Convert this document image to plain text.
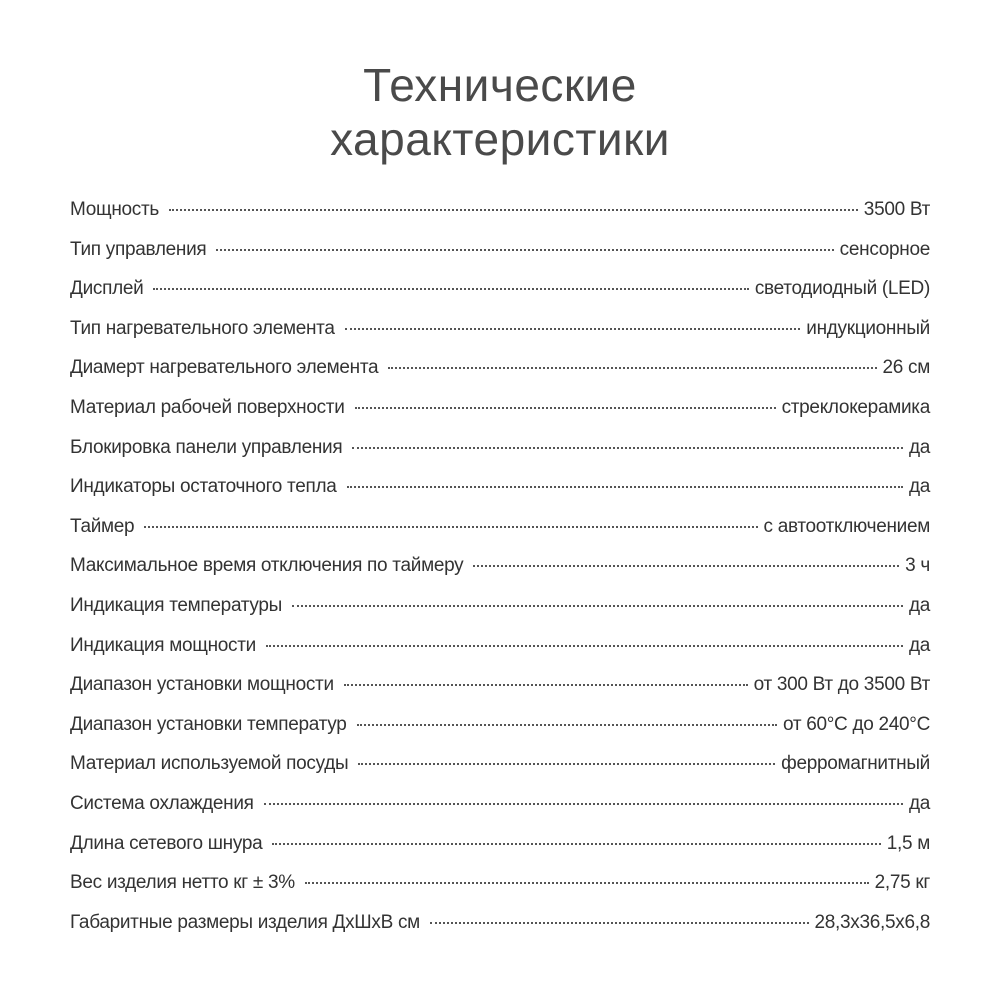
Технические
характеристики
Мощность	3500 Вт
Тип управления	сенсорное
Дисплей	светодиодный (LED)
Тип нагревательного элемента	индукционный
Диамерт нагревательного элемента	26 см
Материал рабочей поверхности	стреклокерамика
Блокировка панели управления	да
Индикаторы остаточного тепла	да
Таймер	с автоотключением
Максимальное время отключения по таймеру	3 ч
Индикация температуры	да
Индикация мощности	да
Диапазон установки мощности	от 300 Вт до 3500 Вт
Диапазон установки температур	от 60°С до 240°С
Материал используемой посуды	ферромагнитный
Система охлаждения	да
Длина сетевого шнура	1,5 м
Вес изделия нетто кг ± 3%	2,75 кг
Габаритные размеры изделия ДхШхВ см	28,3х36,5х6,8
